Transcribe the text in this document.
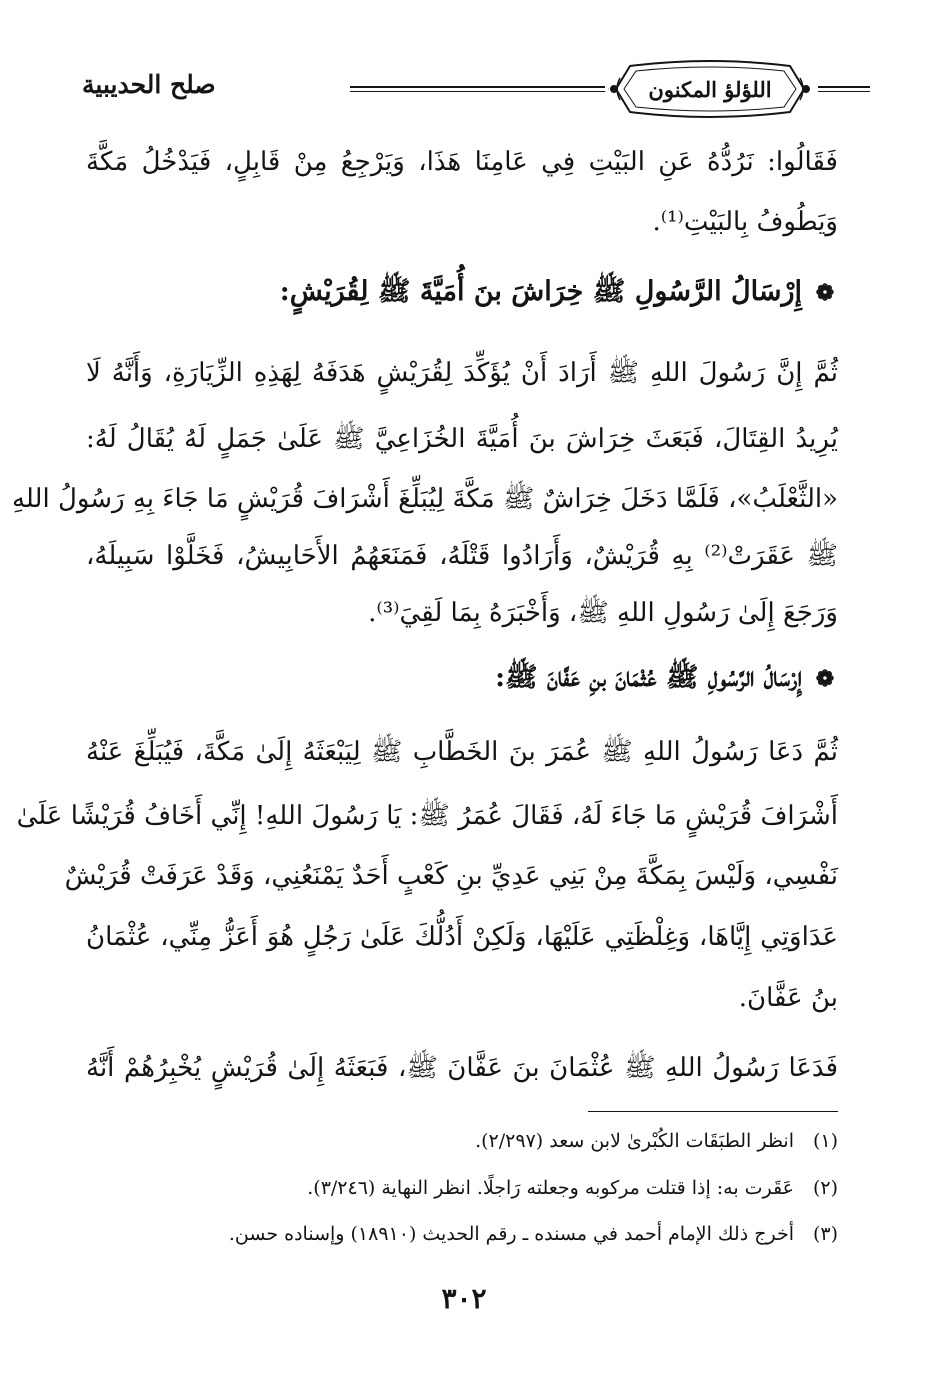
اللؤلؤ المكنون
صلح الحديبية
فَقَالُوا: نَرُدُّهُ عَنِ البَيْتِ فِي عَامِنَا هَذَا، وَيَرْجِعُ مِنْ قَابِلٍ، فَيَدْخُلُ مَكَّةَ
وَيَطُوفُ بِالبَيْتِ⁽¹⁾.
❁إِرْسَالُ الرَّسُولِ ﷺ خِرَاشَ بنَ أُمَيَّةَ ﷺ لِقُرَيْشٍ:
ثُمَّ إِنَّ رَسُولَ اللهِ ﷺ أَرَادَ أَنْ يُؤَكِّدَ لِقُرَيْشٍ هَدَفَهُ لِهَذِهِ الزِّيَارَةِ، وَأَنَّهُ لَا
يُرِيدُ القِتَالَ، فَبَعَثَ خِرَاشَ بنَ أُمَيَّةَ الخُزَاعِيَّ ﷺ عَلَىٰ جَمَلٍ لَهُ يُقَالُ لَهُ:
«الثَّعْلَبُ»، فَلَمَّا دَخَلَ خِرَاشٌ ﷺ مَكَّةَ لِيُبَلِّغَ أَشْرَافَ قُرَيْشٍ مَا جَاءَ بِهِ رَسُولُ اللهِ
ﷺ عَقَرَتْ⁽²⁾ بِهِ قُرَيْشٌ، وَأَرَادُوا قَتْلَهُ، فَمَنَعَهُمُ الأَحَابِيشُ، فَخَلَّوْا سَبِيلَهُ،
وَرَجَعَ إِلَىٰ رَسُولِ اللهِ ﷺ، وَأَخْبَرَهُ بِمَا لَقِيَ⁽³⁾.
❁إِرْسَالُ الرَّسُولِ ﷺ عُثْمَانَ بنِ عَفَّانَ ﷺ:
ثُمَّ دَعَا رَسُولُ اللهِ ﷺ عُمَرَ بنَ الخَطَّابِ ﷺ لِيَبْعَثَهُ إِلَىٰ مَكَّةَ، فَيُبَلِّغَ عَنْهُ
أَشْرَافَ قُرَيْشٍ مَا جَاءَ لَهُ، فَقَالَ عُمَرُ ﷺ: يَا رَسُولَ اللهِ! إِنِّي أَخَافُ قُرَيْشًا عَلَىٰ
نَفْسِي، وَلَيْسَ بِمَكَّةَ مِنْ بَنِي عَدِيِّ بنِ كَعْبٍ أَحَدٌ يَمْنَعُنِي، وَقَدْ عَرَفَتْ قُرَيْشٌ
عَدَاوَتِي إِيَّاهَا، وَغِلْظَتِي عَلَيْهَا، وَلَكِنْ أَدُلُّكَ عَلَىٰ رَجُلٍ هُوَ أَعَزُّ مِنِّي، عُثْمَانُ
بنُ عَفَّانَ.
فَدَعَا رَسُولُ اللهِ ﷺ عُثْمَانَ بنَ عَفَّانَ ﷺ، فَبَعَثَهُ إِلَىٰ قُرَيْشٍ يُخْبِرُهُمْ أَنَّهُ
(١)انظر الطبَقَات الكُبْرىٰ لابن سعد (٢/٢٩٧).
(٢)عَقَرت به: إذا قتلت مركوبه وجعلته رَاجلًا. انظر النهاية (٣/٢٤٦).
(٣)أخرج ذلك الإمام أحمد في مسنده ـ رقم الحديث (١٨٩١٠) وإسناده حسن.
٣٠٢
